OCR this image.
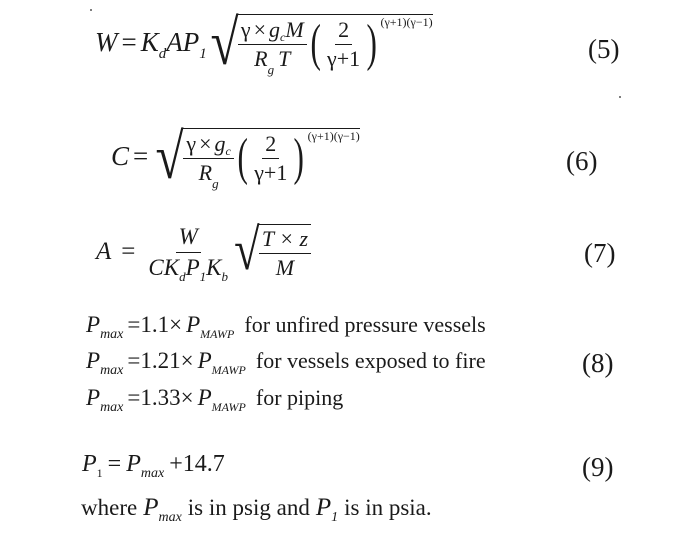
W = K d A P 1 √ $\frac{\text{γ × gcM}}{R_g T}$ ( $\frac{2}{\gamma+1}$ ) (γ+1)(γ−1)
(5)
C = √ $\frac{\gamma \times gc}{R_g}$ ( $\frac{2}{\gamma+1}$ ) (γ+1)(γ−1)
(6)
$A = \frac{W}{CK_dP_1K_b}$ √ $\frac{T \times z}{M}$	(7)
P max =1.1× P MAWP for unfired pressure vessels
P max =1.21× P MAWP for vessels exposed to fire
P max =1.33× P MAWP for piping
(8)
P 1 = P max +14.7	(9)
where P max is in psig and P 1 is in psia.
